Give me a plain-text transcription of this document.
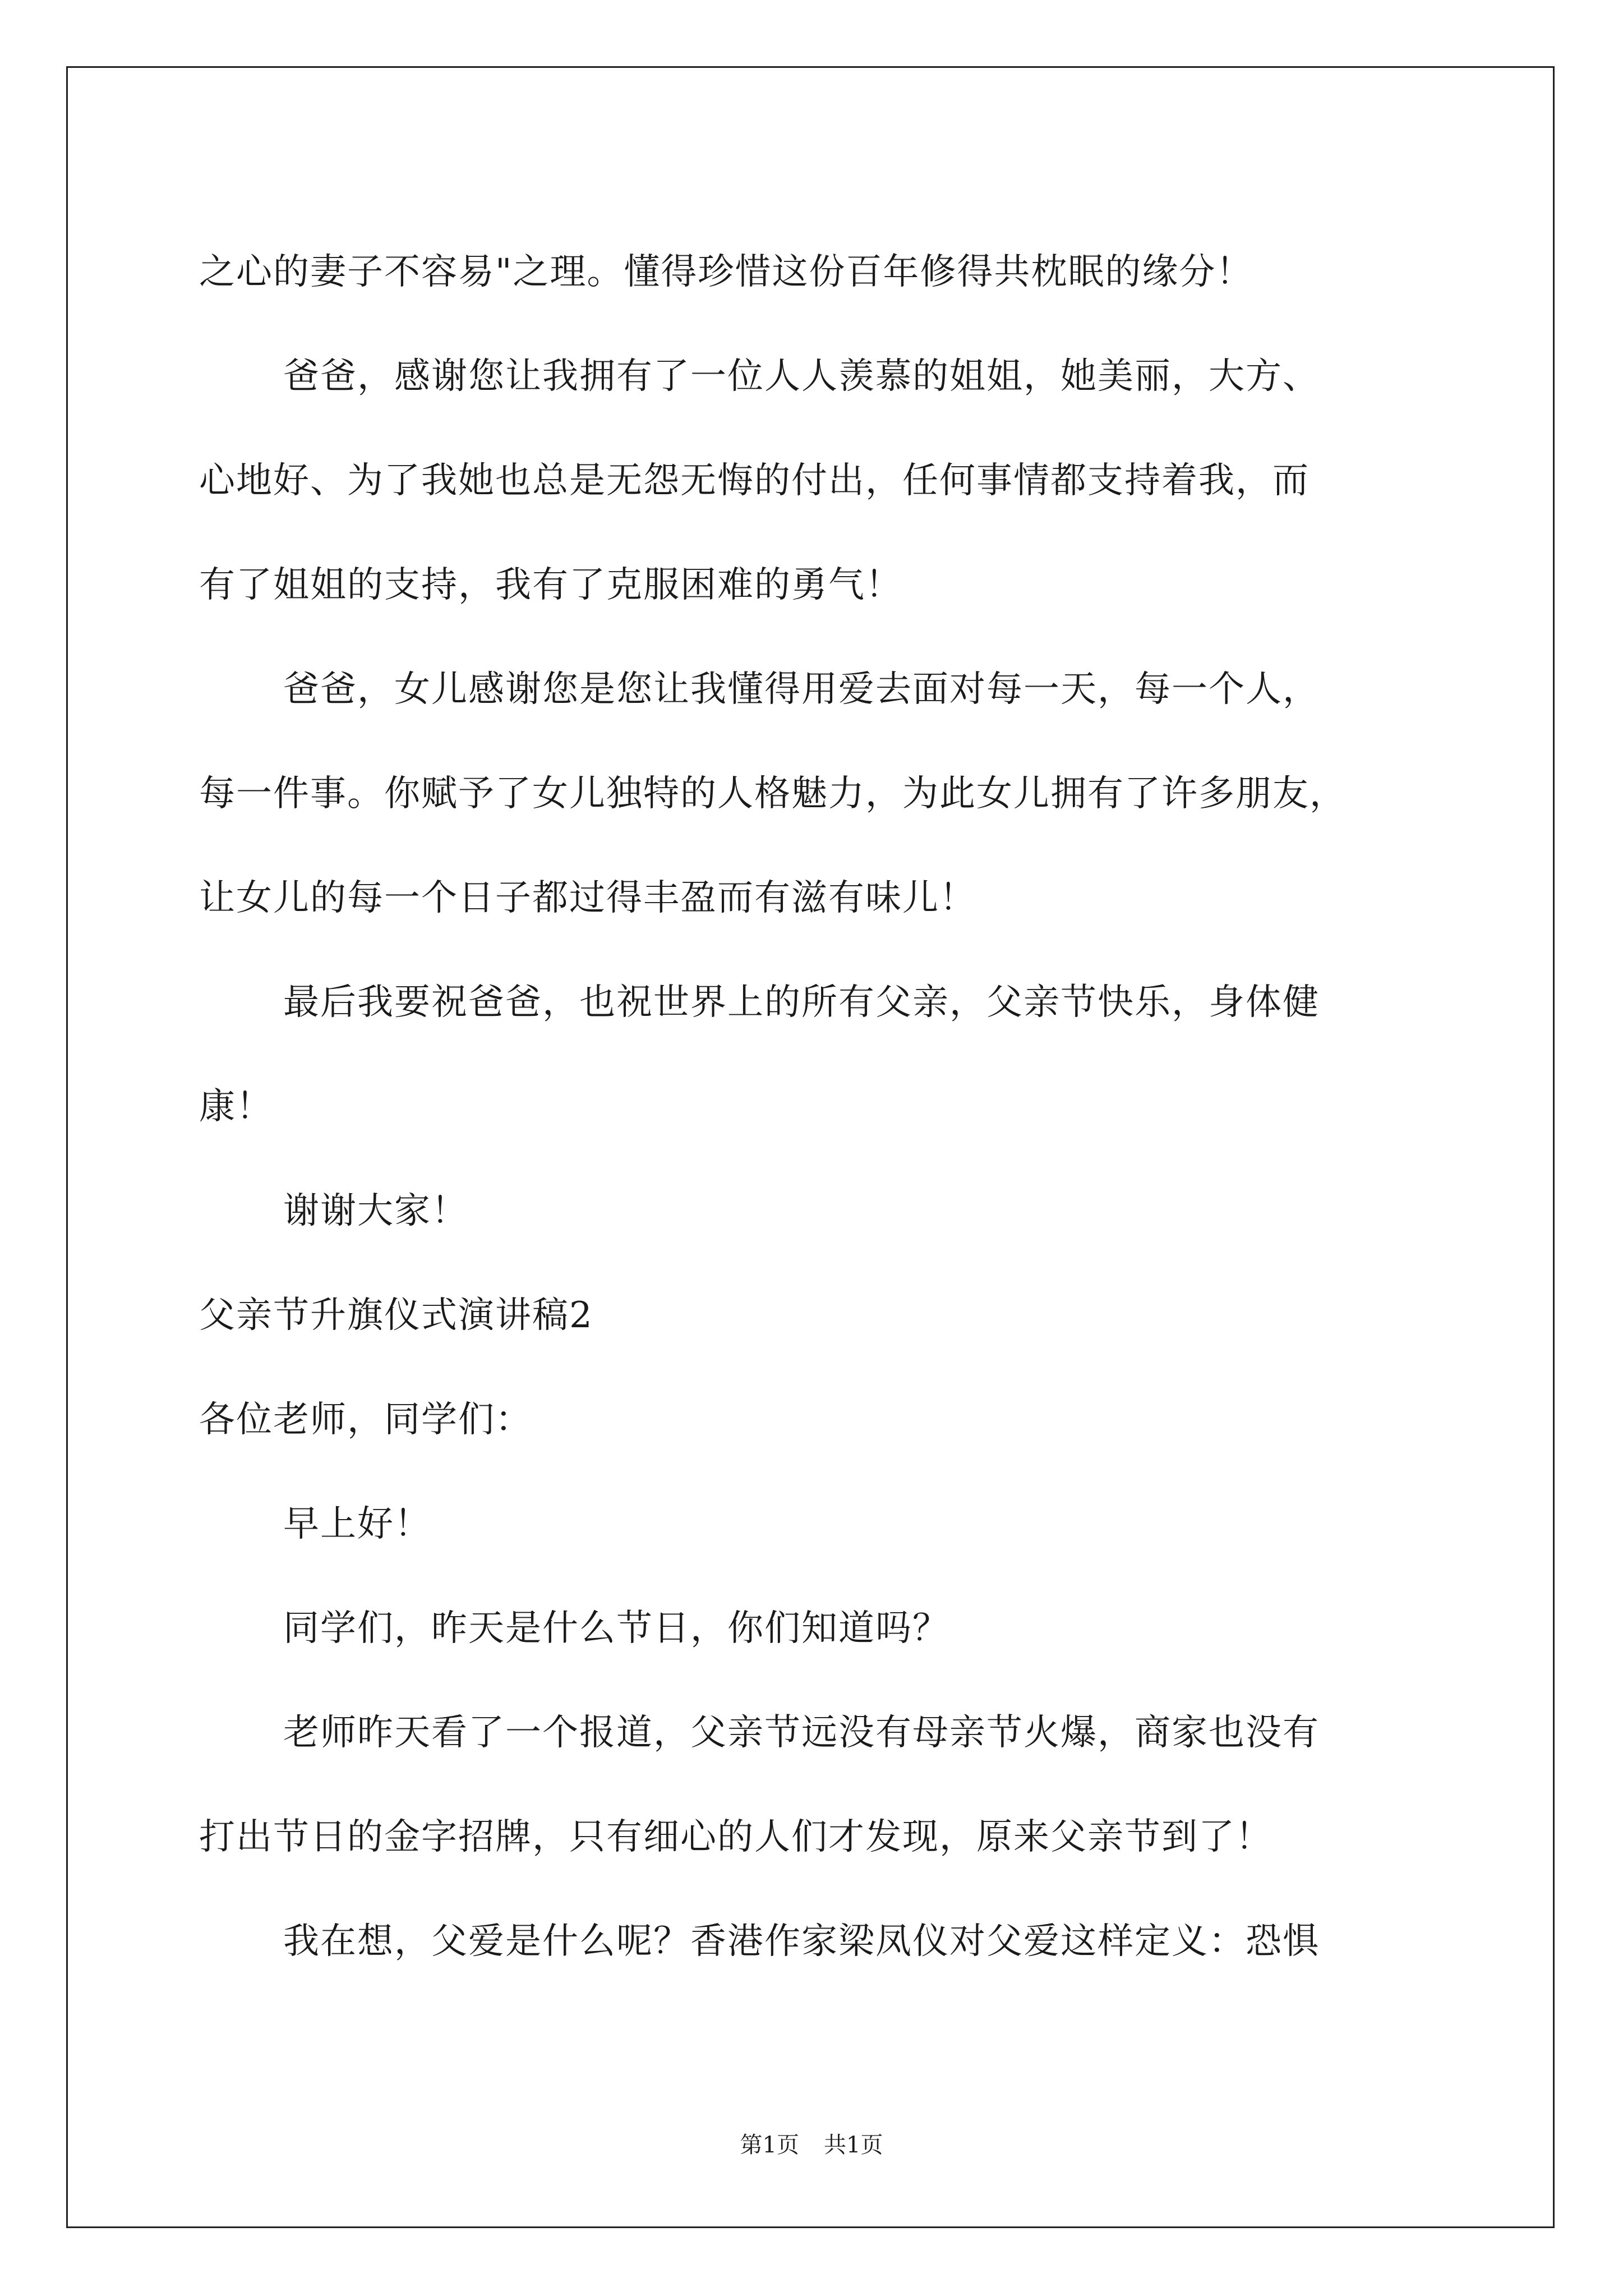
之心的妻子不容易"之理。懂得珍惜这份百年修得共枕眠的缘分！
爸爸，感谢您让我拥有了一位人人羡慕的姐姐，她美丽，大方、
心地好、为了我她也总是无怨无悔的付出，任何事情都支持着我，而
有了姐姐的支持，我有了克服困难的勇气！
爸爸，女儿感谢您是您让我懂得用爱去面对每一天，每一个人，
每一件事。你赋予了女儿独特的人格魅力，为此女儿拥有了许多朋友，
让女儿的每一个日子都过得丰盈而有滋有味儿！
最后我要祝爸爸，也祝世界上的所有父亲，父亲节快乐，身体健
康！
谢谢大家！
父亲节升旗仪式演讲稿2
各位老师，同学们：
早上好！
同学们，昨天是什么节日，你们知道吗？
老师昨天看了一个报道，父亲节远没有母亲节火爆，商家也没有
打出节日的金字招牌，只有细心的人们才发现，原来父亲节到了！
我在想，父爱是什么呢？香港作家梁凤仪对父爱这样定义：恐惧
第1页 共1页
